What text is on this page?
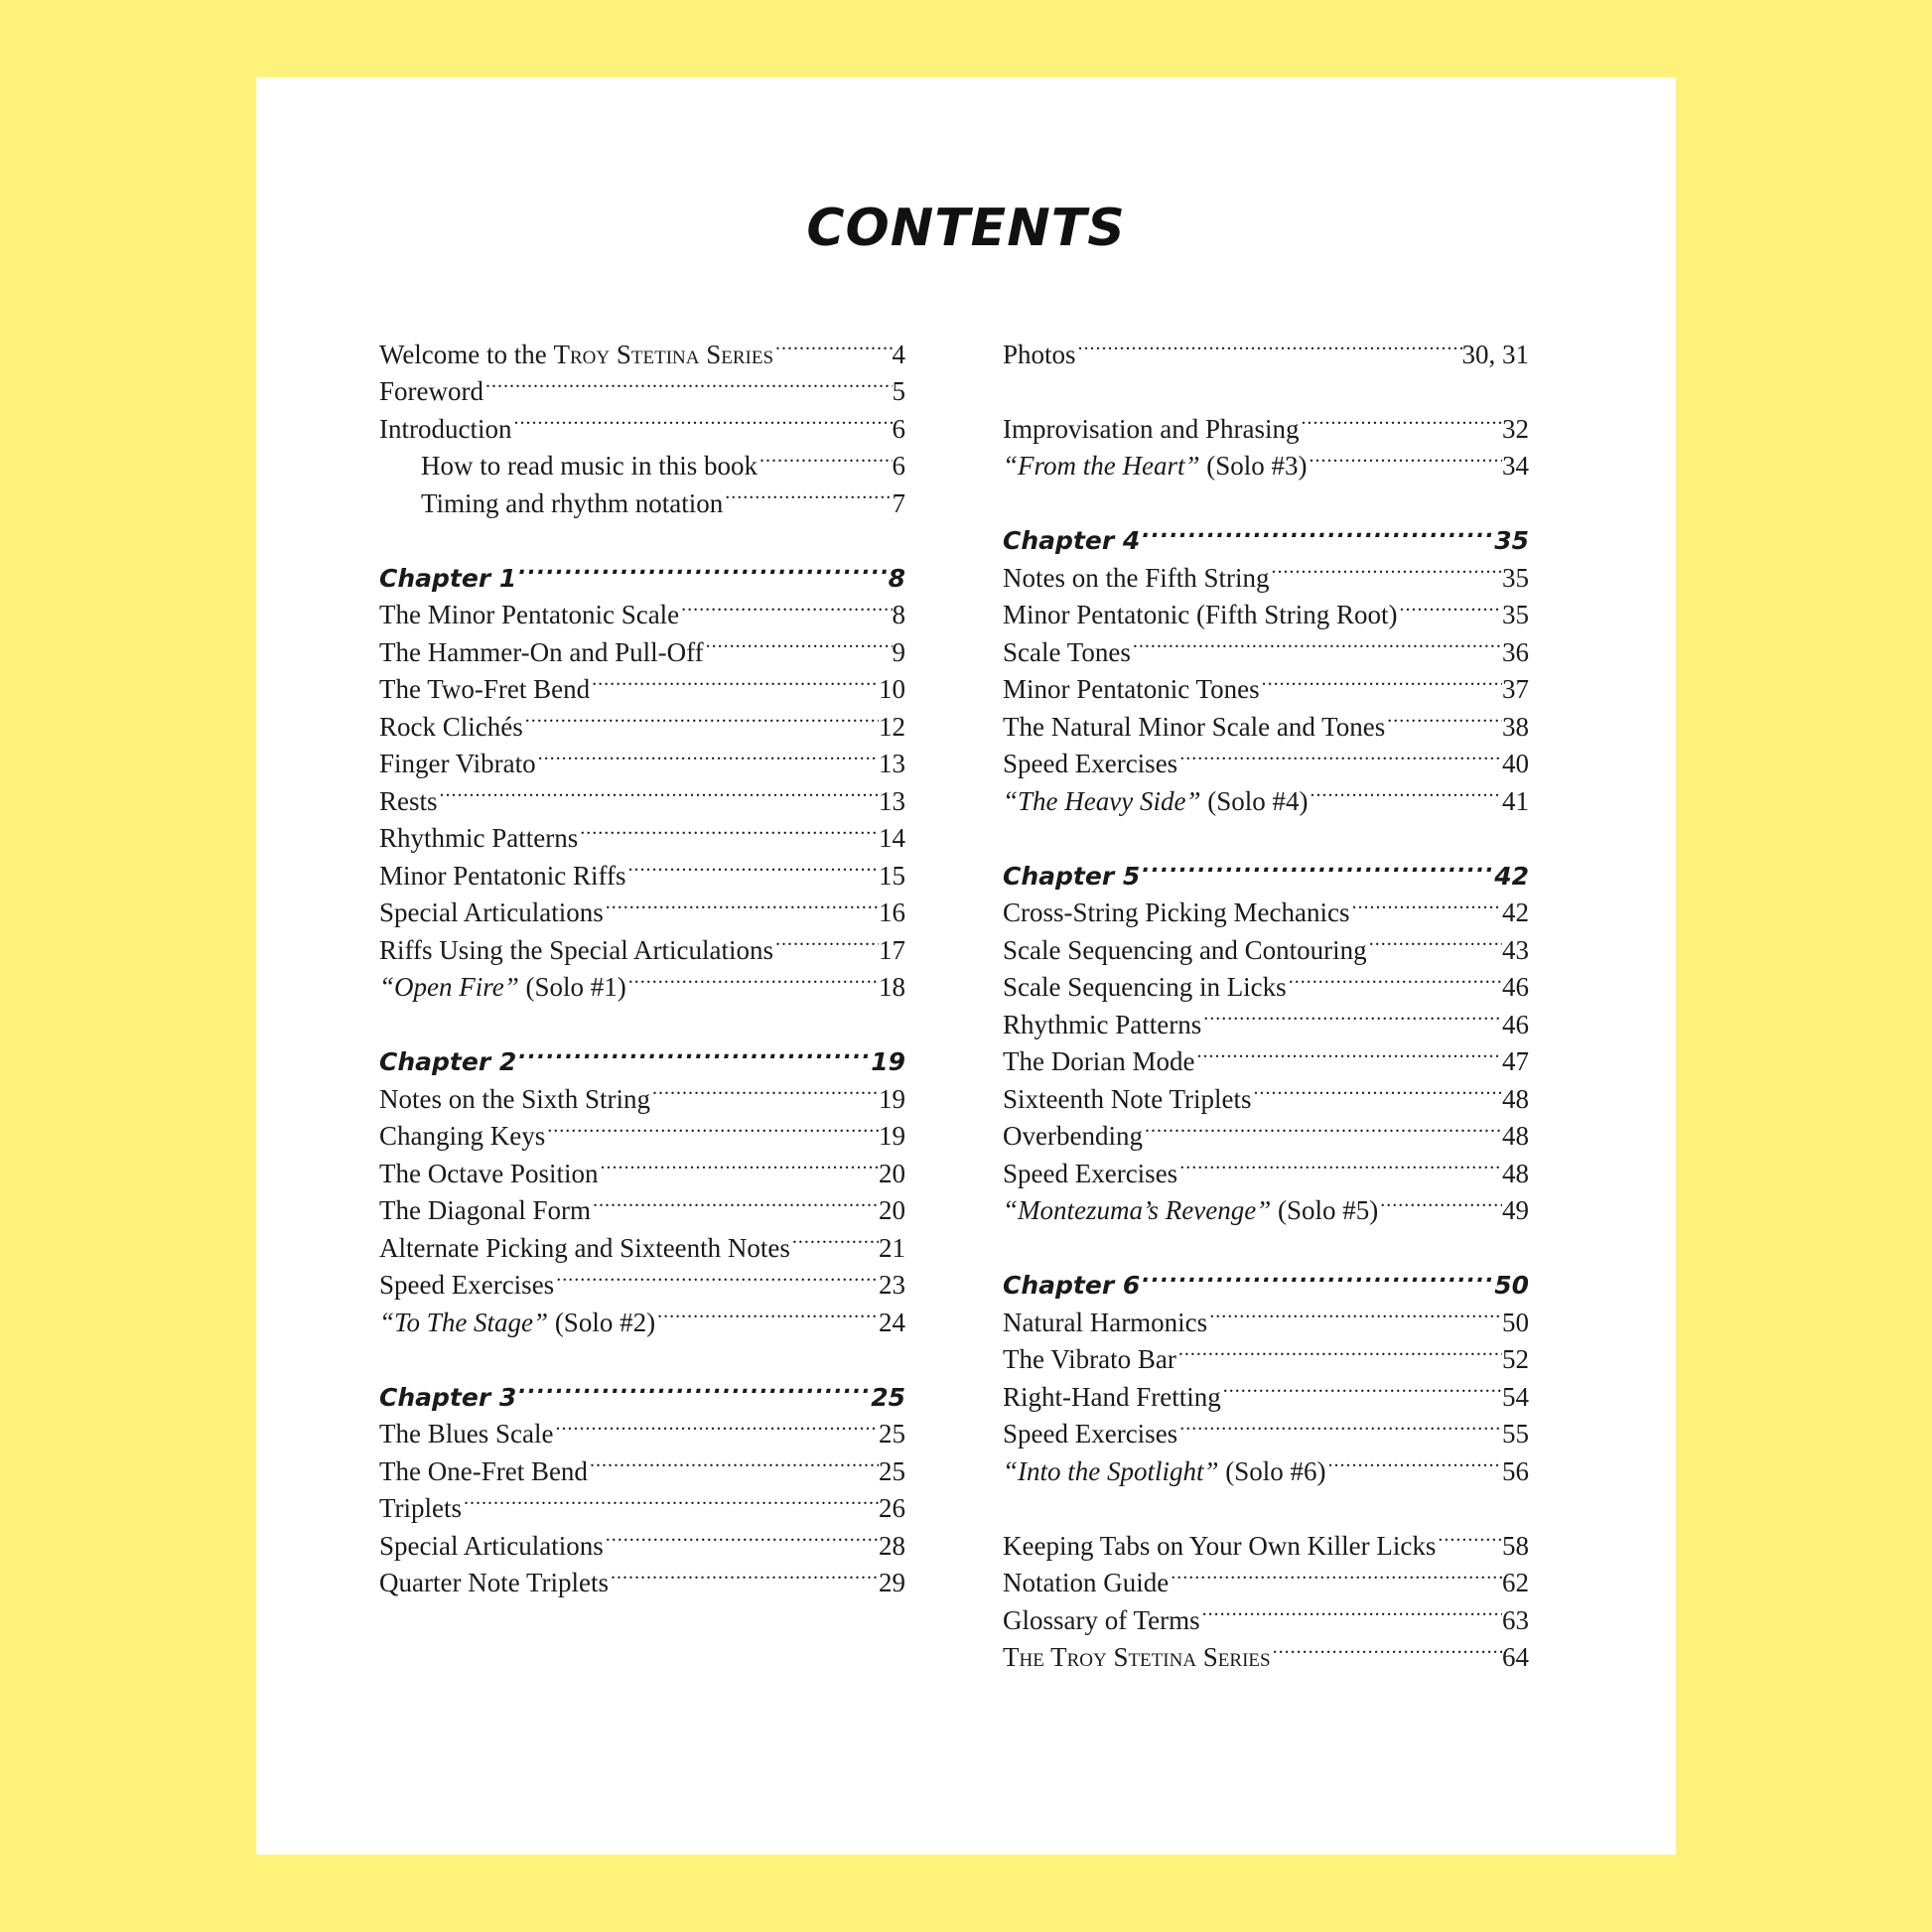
CONTENTS
Welcome to the Troy Stetina Series .....	4
Foreword .....	5
Introduction .....	6
How to read music in this book .....	6
Timing and rhythm notation .....	7
Chapter 1 .....	8
The Minor Pentatonic Scale .....	8
The Hammer-On and Pull-Off .....	9
The Two-Fret Bend .....	10
Rock Clichés .....	12
Finger Vibrato .....	13
Rests .....	13
Rhythmic Patterns .....	14
Minor Pentatonic Riffs .....	15
Special Articulations .....	16
Riffs Using the Special Articulations .....	17
“Open Fire” (Solo #1) .....	18
Chapter 2 .....	19
Notes on the Sixth String .....	19
Changing Keys .....	19
The Octave Position .....	20
The Diagonal Form .....	20
Alternate Picking and Sixteenth Notes .....	21
Speed Exercises .....	23
“To The Stage” (Solo #2) .....	24
Chapter 3 .....	25
The Blues Scale .....	25
The One-Fret Bend .....	25
Triplets .....	26
Special Articulations .....	28
Quarter Note Triplets .....	29
Photos .....	30, 31
Improvisation and Phrasing .....	32
“From the Heart” (Solo #3) .....	34
Chapter 4 .....	35
Notes on the Fifth String .....	35
Minor Pentatonic (Fifth String Root) .....	35
Scale Tones .....	36
Minor Pentatonic Tones .....	37
The Natural Minor Scale and Tones .....	38
Speed Exercises .....	40
“The Heavy Side” (Solo #4) .....	41
Chapter 5 .....	42
Cross-String Picking Mechanics .....	42
Scale Sequencing and Contouring .....	43
Scale Sequencing in Licks .....	46
Rhythmic Patterns .....	46
The Dorian Mode .....	47
Sixteenth Note Triplets .....	48
Overbending .....	48
Speed Exercises .....	48
“Montezuma’s Revenge” (Solo #5) .....	49
Chapter 6 .....	50
Natural Harmonics .....	50
The Vibrato Bar .....	52
Right-Hand Fretting .....	54
Speed Exercises .....	55
“Into the Spotlight” (Solo #6) .....	56
Keeping Tabs on Your Own Killer Licks ..... 58
Notation Guide .....	62
Glossary of Terms .....	63
The Troy Stetina Series .....	64
